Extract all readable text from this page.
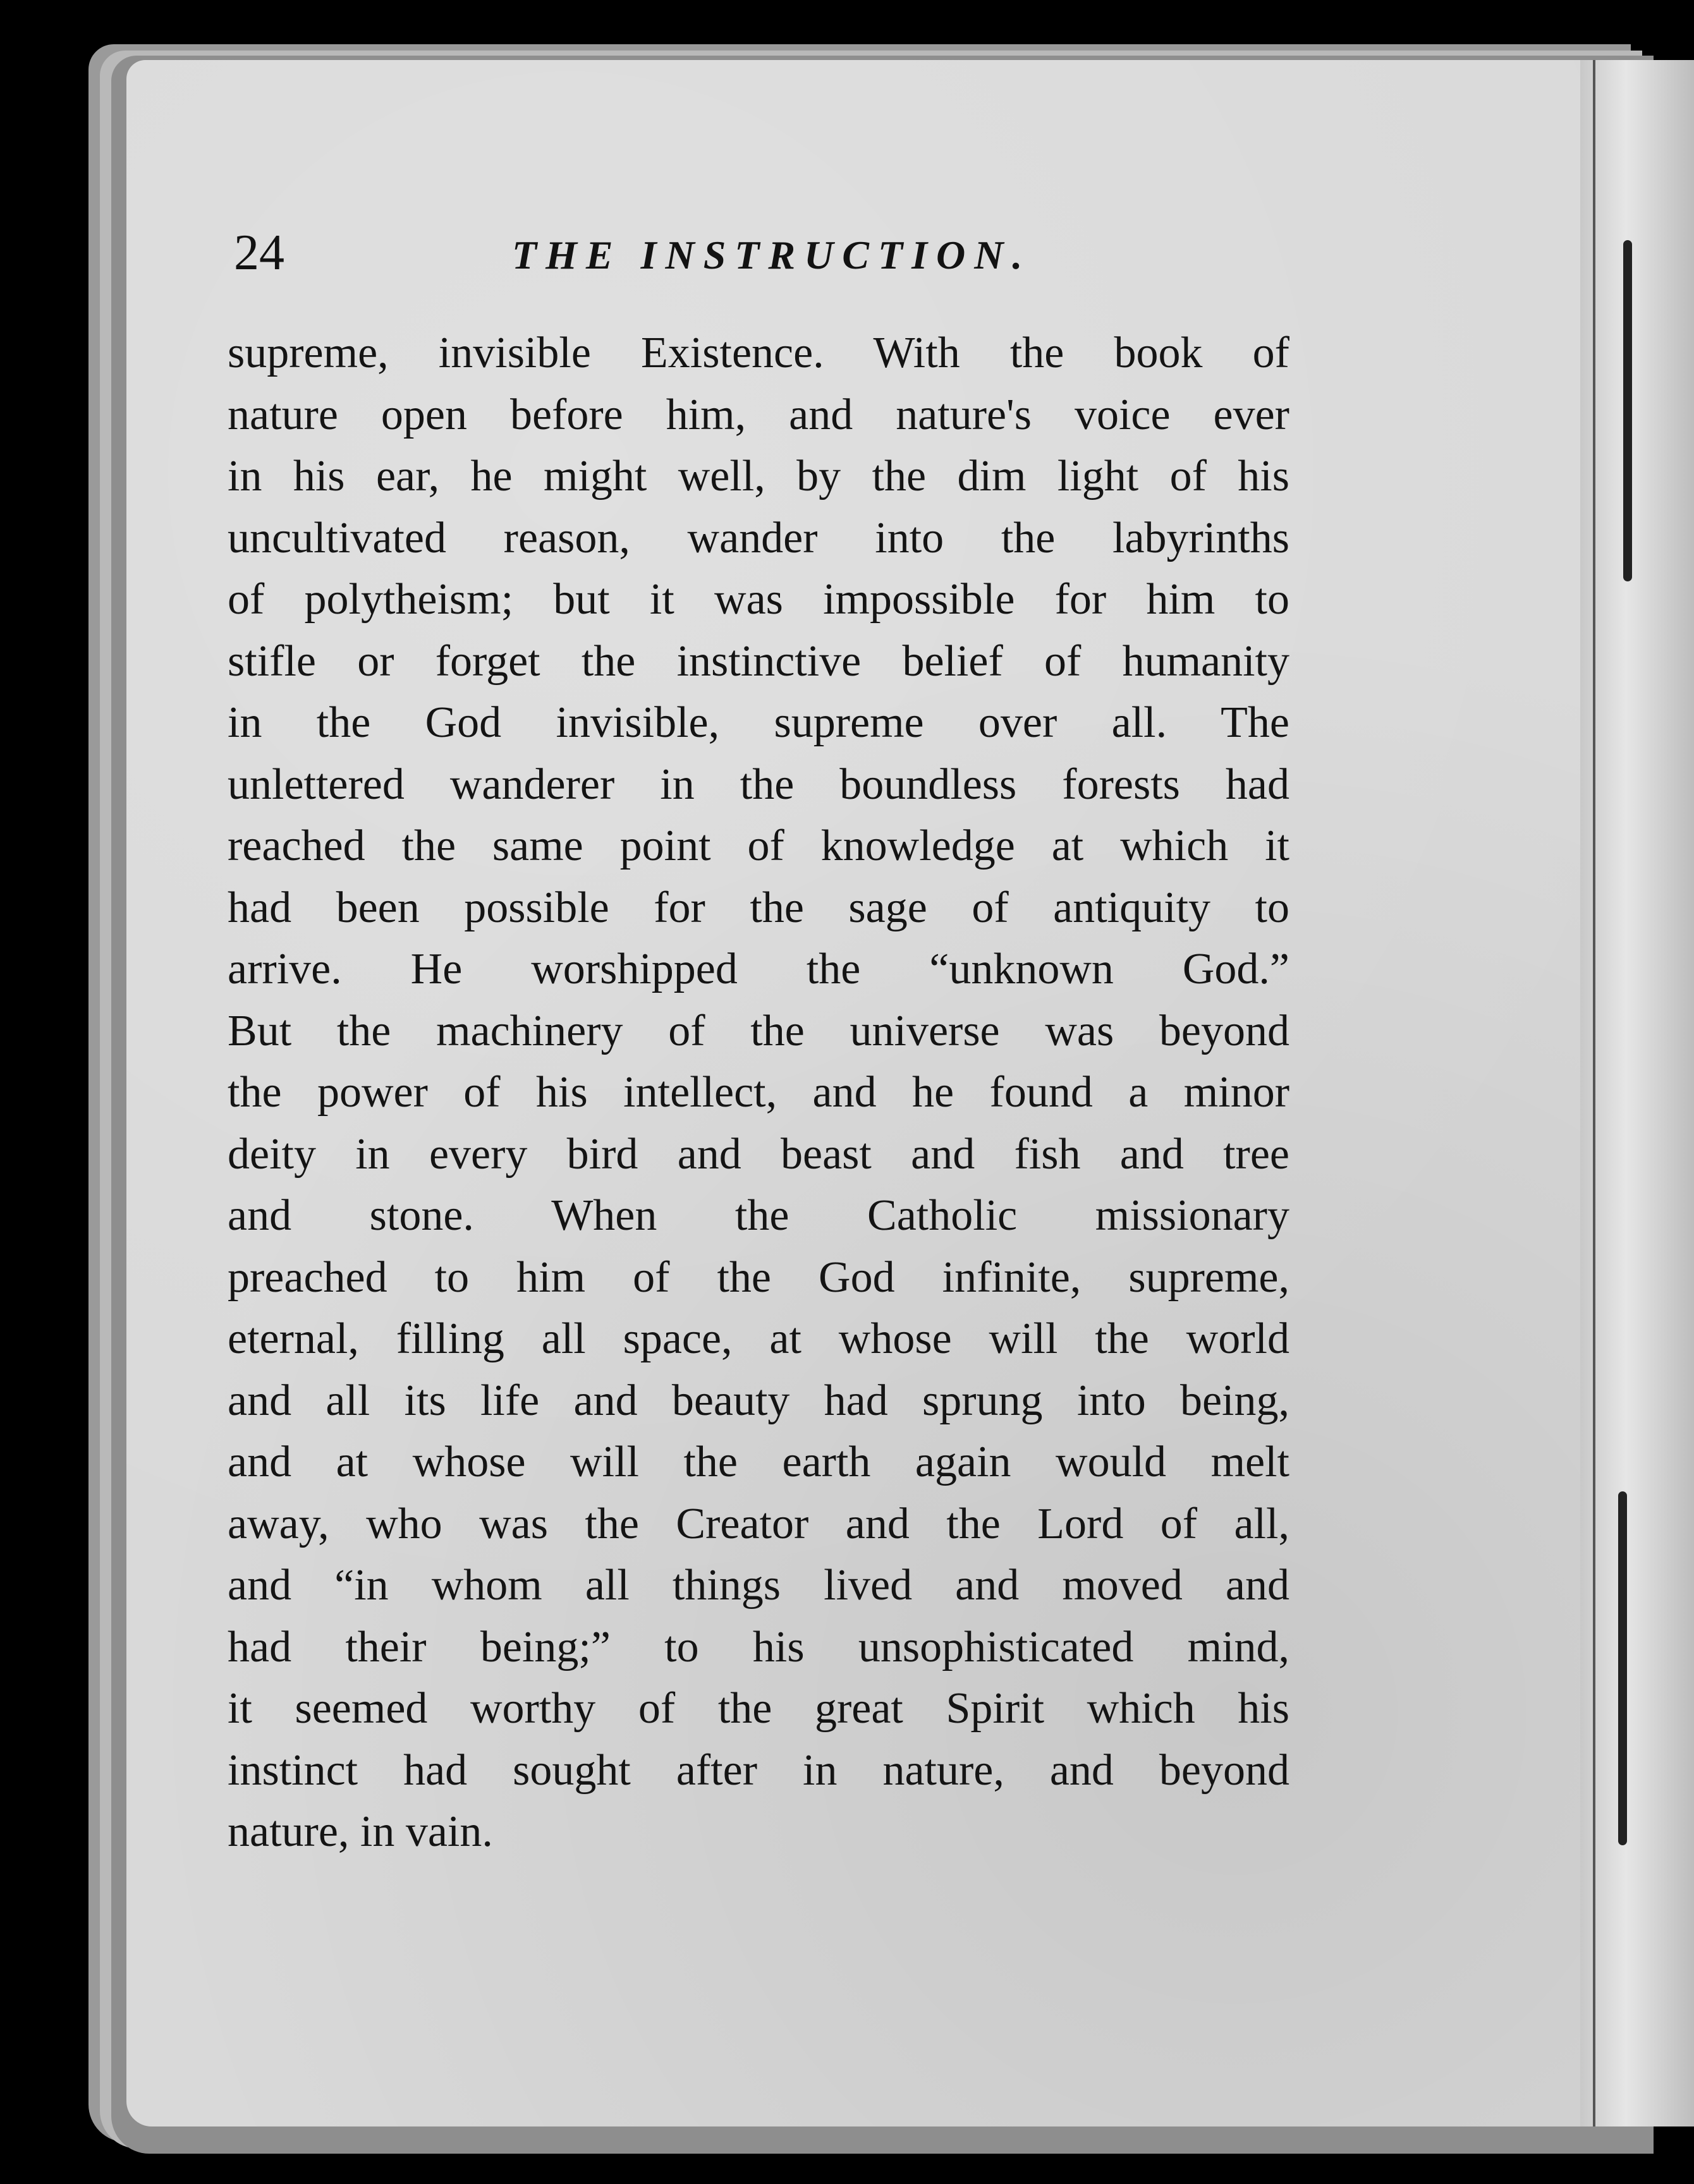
24	THE INSTRUCTION.
supreme, invisible Existence. With the book of
nature open before him, and nature's voice ever
in his ear, he might well, by the dim light of his
uncultivated reason, wander into the labyrinths
of polytheism; but it was impossible for him to
stifle or forget the instinctive belief of humanity
in the God invisible, supreme over all. The
unlettered wanderer in the boundless forests had
reached the same point of knowledge at which it
had been possible for the sage of antiquity to
arrive. He worshipped the “unknown God.”
But the machinery of the universe was beyond
the power of his intellect, and he found a minor
deity in every bird and beast and fish and tree
and stone. When the Catholic missionary
preached to him of the God infinite, supreme,
eternal, filling all space, at whose will the world
and all its life and beauty had sprung into being,
and at whose will the earth again would melt
away, who was the Creator and the Lord of all,
and “in whom all things lived and moved and
had their being;” to his unsophisticated mind,
it seemed worthy of the great Spirit which his
instinct had sought after in nature, and beyond
nature, in vain.
